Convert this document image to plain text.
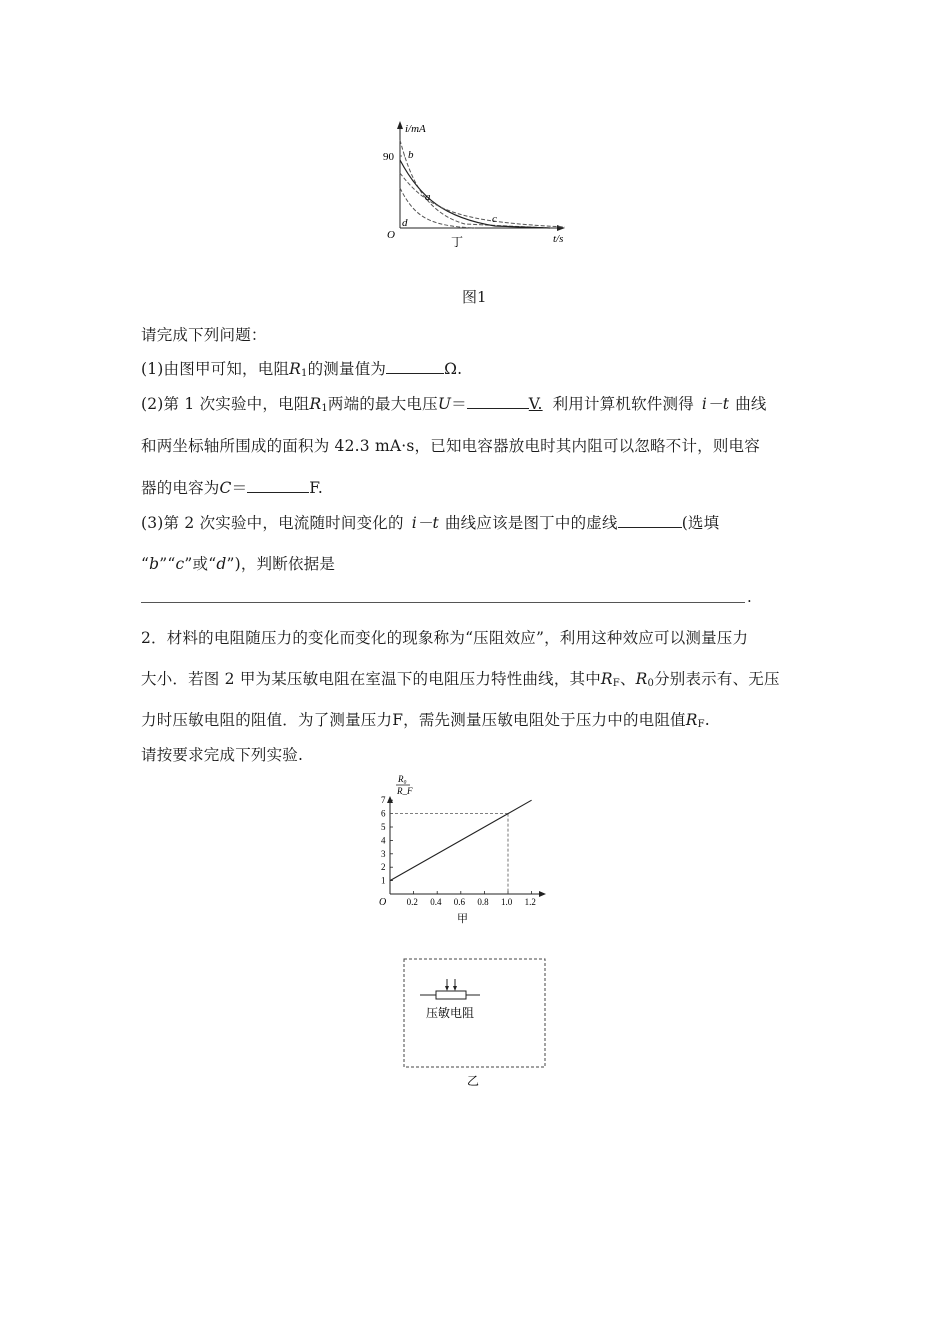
i/mA
90 b
a
c
d
O	t/s
丁
图1
请完成下列问题：
(1)由图甲可知，电阻$R_1$的测量值为	Ω.
(2)第 1 次实验中，电阻$R_1$两端的最大电压U＝	V. 利用计算机软件测得 i－t 曲线
和两坐标轴所围成的面积为 42.3 mA·s，已知电容器放电时其内阻可以忽略不计，则电容
器的电容为C＝	F.
(3)第 2 次实验中，电流随时间变化的 i－t 曲线应该是图丁中的虚线	(选填
“b”“c”或“d”)，判断依据是
.
2．材料的电阻随压力的变化而变化的现象称为“压阻效应”，利用这种效应可以测量压力
大小．若图 2 甲为某压敏电阻在室温下的电阻压力特性曲线，其中$R_F$、$R_0$分别表示有、无压
力时压敏电阻的阻值．为了测量压力F，需先测量压敏电阻处于压力中的电阻值$R_F$.
请按要求完成下列实验.
R₀
R_F
O
甲
1
2
3
4
5
6
7
0.2 0.4 0.6 0.8 1.0 1.2
压敏电阻
乙
